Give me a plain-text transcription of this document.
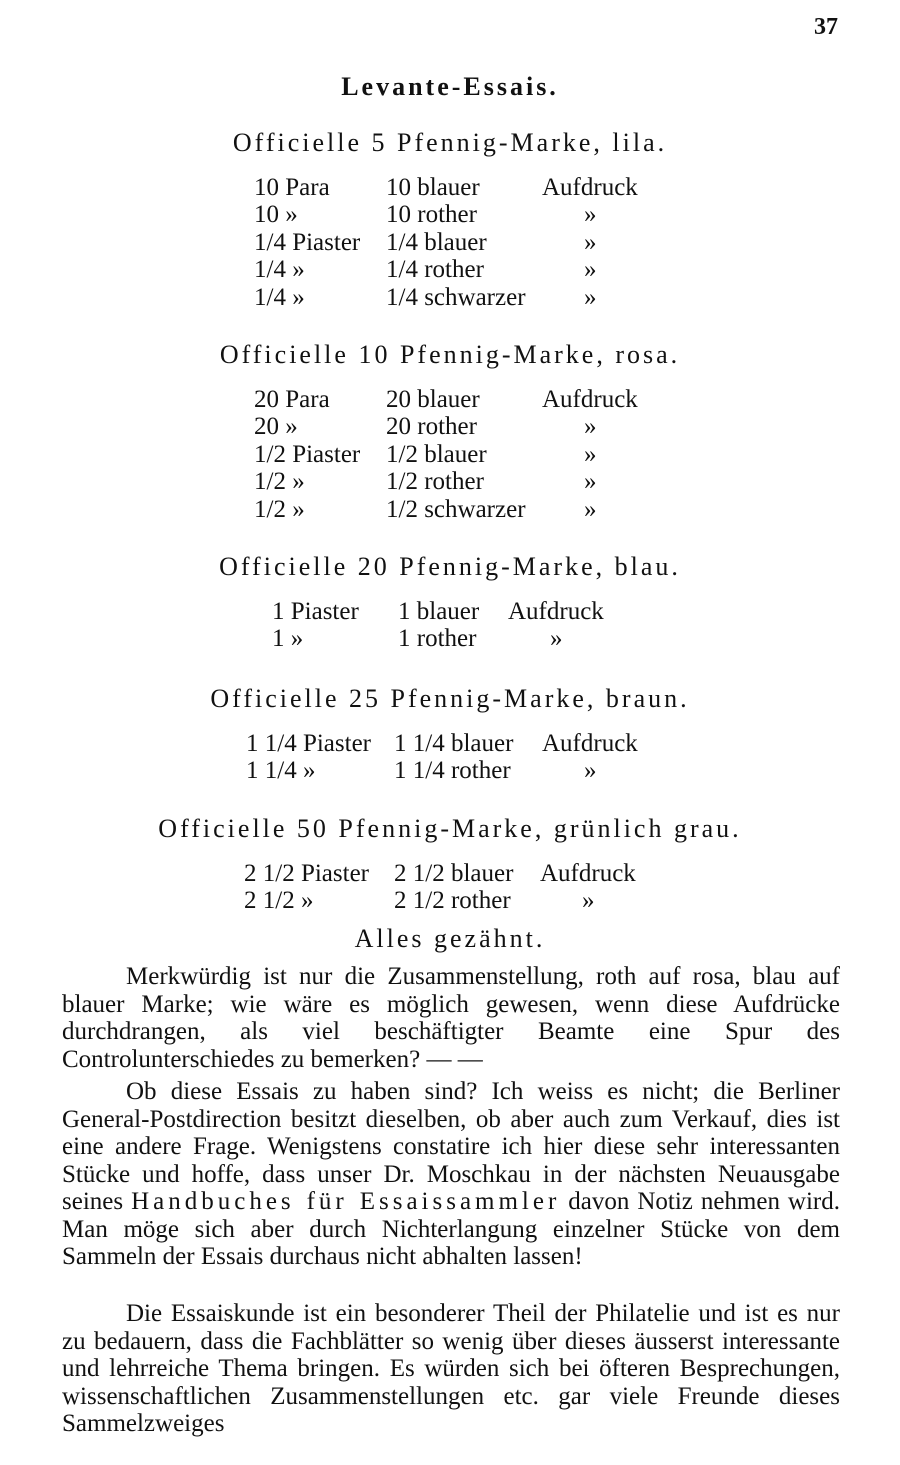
37
Levante-Essais.
Officielle 5 Pfennig-Marke, lila.
10 Para	10 blauer	Aufdruck
10 »	10 rother	»
1/4 Piaster	1/4 blauer	»
1/4 »	1/4 rother	»
1/4 »	1/4 schwarzer	»
Officielle 10 Pfennig-Marke, rosa.
20 Para	20 blauer	Aufdruck
20 »	20 rother	»
1/2 Piaster	1/2 blauer	»
1/2 »	1/2 rother	»
1/2 »	1/2 schwarzer	»
Officielle 20 Pfennig-Marke, blau.
1 Piaster	1 blauer	Aufdruck
1 »	1 rother	»
Officielle 25 Pfennig-Marke, braun.
1 1/4 Piaster	1 1/4 blauer	Aufdruck
1 1/4 »	1 1/4 rother	»
Officielle 50 Pfennig-Marke, grünlich grau.
2 1/2 Piaster	2 1/2 blauer	Aufdruck
2 1/2 »	2 1/2 rother	»
Alles gezähnt.

Merkwürdig ist nur die Zusammenstellung, roth auf rosa, blau auf blauer Marke; wie wäre es möglich gewesen, wenn diese Aufdrücke durchdrangen, als viel beschäftigter Beamte eine Spur des Controlunterschiedes zu bemerken? — —

Ob diese Essais zu haben sind? Ich weiss es nicht; die Berliner General-Postdirection besitzt dieselben, ob aber auch zum Verkauf, dies ist eine andere Frage. Wenigstens constatire ich hier diese sehr interessanten Stücke und hoffe, dass unser Dr. Moschkau in der nächsten Neuausgabe seines Handbuches für Essaissammler davon Notiz nehmen wird. Man möge sich aber durch Nichterlangung einzelner Stücke von dem Sammeln der Essais durchaus nicht abhalten lassen!

Die Essaiskunde ist ein besonderer Theil der Philatelie und ist es nur zu bedauern, dass die Fachblätter so wenig über dieses äusserst interessante und lehrreiche Thema bringen. Es würden sich bei öfteren Besprechungen, wissenschaftlichen Zusammenstellungen etc. gar viele Freunde dieses Sammelzweiges
